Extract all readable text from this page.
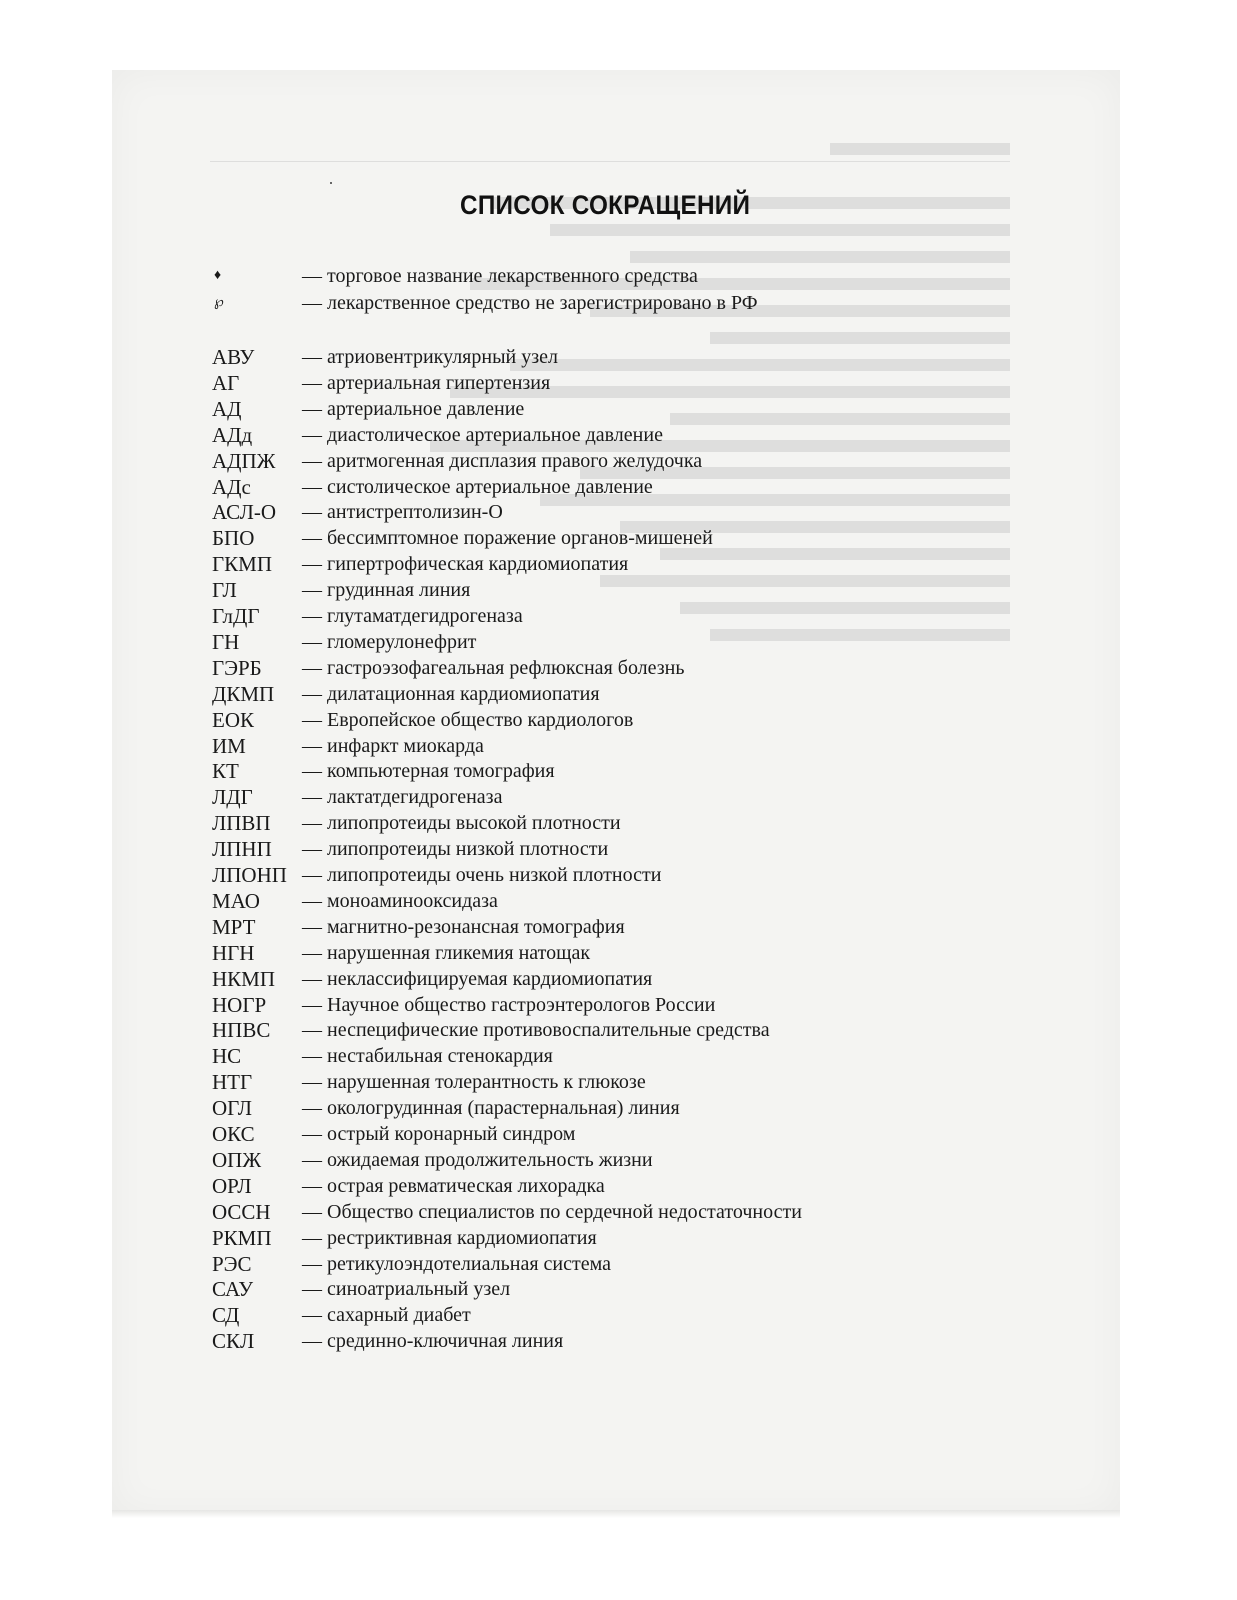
СПИСОК СОКРАЩЕНИЙ
♦	— торговое название лекарственного средства
℘	— лекарственное средство не зарегистрировано в РФ
АВУ — атриовентрикулярный узел
АГ	— артериальная гипертензия
АД	— артериальное давление
АДд — диастолическое артериальное давление
АДПЖ — аритмогенная дисплазия правого желудочка
АДс	— систолическое артериальное давление
АСЛ-О — антистрептолизин-О
БПО — бессимптомное поражение органов-мишеней
ГКМП — гипертрофическая кардиомиопатия
ГЛ	— грудинная линия
ГлДГ — глутаматдегидрогеназа
ГН	— гломерулонефрит
ГЭРБ — гастроэзофагеальная рефлюксная болезнь
ДКМП — дилатационная кардиомиопатия
ЕОК — Европейское общество кардиологов
ИМ	— инфаркт миокарда
КТ	— компьютерная томография
ЛДГ — лактатдегидрогеназа
ЛПВП — липопротеиды высокой плотности
ЛПНП — липопротеиды низкой плотности
ЛПОНП — липопротеиды очень низкой плотности
МАО — моноаминооксидаза
МРТ — магнитно-резонансная томография
НГН — нарушенная гликемия натощак
НКМП — неклассифицируемая кардиомиопатия
НОГР — Научное общество гастроэнтерологов России
НПВС — неспецифические противовоспалительные средства
НС	— нестабильная стенокардия
НТГ — нарушенная толерантность к глюкозе
ОГЛ	— окологрудинная (парастернальная) линия
ОКС — острый коронарный синдром
ОПЖ — ожидаемая продолжительность жизни
ОРЛ	— острая ревматическая лихорадка
ОССН — Общество специалистов по сердечной недостаточности
РКМП — рестриктивная кардиомиопатия
РЭС	— ретикулоэндотелиальная система
САУ — синоатриальный узел
СД	— сахарный диабет
СКЛ — срединно-ключичная линия
